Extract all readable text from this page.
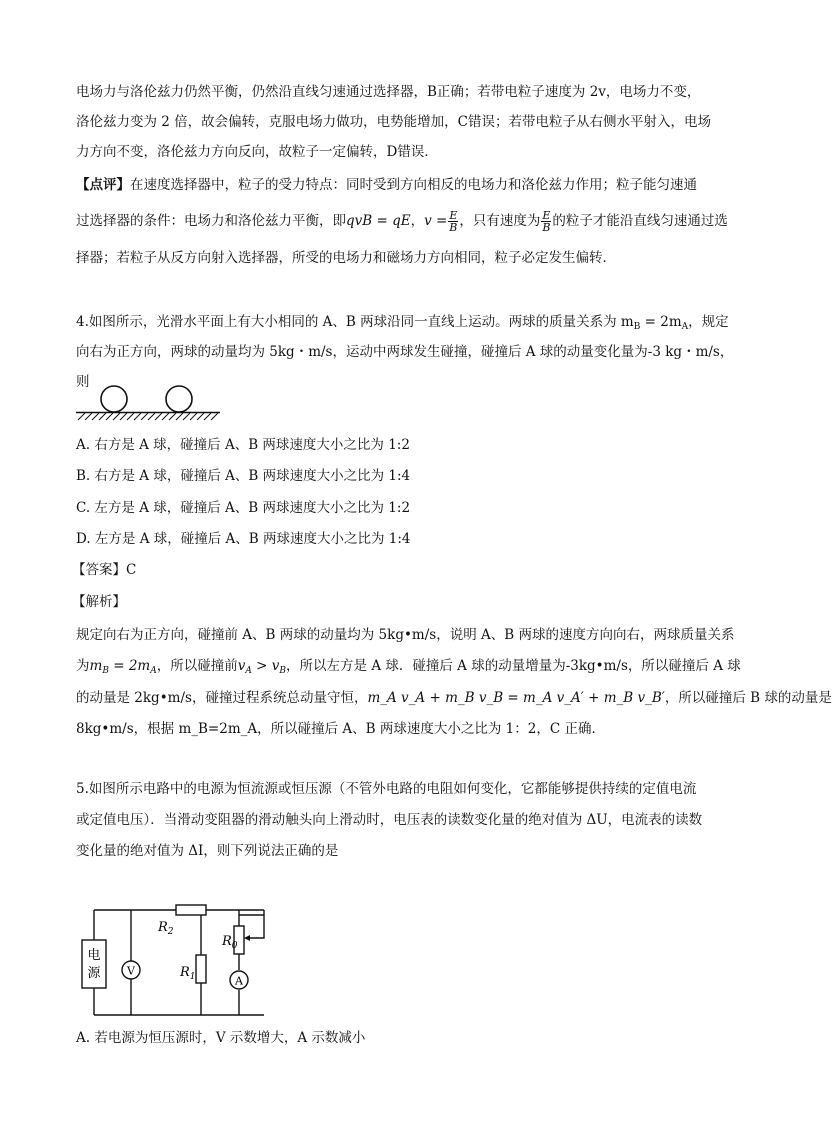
电场力与洛伦兹力仍然平衡，仍然沿直线匀速通过选择器，B正确；若带电粒子速度为 2v，电场力不变，
洛伦兹力变为 2 倍，故会偏转，克服电场力做功，电势能增加，C错误；若带电粒子从右侧水平射入，电场
力方向不变，洛伦兹力方向反向，故粒子一定偏转，D错误．
【点评】在速度选择器中，粒子的受力特点：同时受到方向相反的电场力和洛伦兹力作用；粒子能匀速通
过选择器的条件：电场力和洛伦兹力平衡，即qvB = qE，$v = \frac{E}{B}$ ，只有速度为 $\frac{E}{B}$ 的粒子才能沿直线匀速通过选
择器；若粒子从反方向射入选择器，所受的电场力和磁场力方向相同，粒子必定发生偏转．
4.如图所示，光滑水平面上有大小相同的 A、B 两球沿同一直线上运动。两球的质量关系为 $m_B = 2m_A$，规定
向右为正方向，两球的动量均为 5kg・m/s，运动中两球发生碰撞，碰撞后 A 球的动量变化量为-3 kg・m/s，
则
A. 右方是 A 球，碰撞后 A、B 两球速度大小之比为 1:2
B. 右方是 A 球，碰撞后 A、B 两球速度大小之比为 1:4
C. 左方是 A 球，碰撞后 A、B 两球速度大小之比为 1:2
D. 左方是 A 球，碰撞后 A、B 两球速度大小之比为 1:4
【答案】C
【解析】
规定向右为正方向，碰撞前 A、B 两球的动量均为 5kg•m/s，说明 A、B 两球的速度方向向右，两球质量关系
为$m_B = 2m_A$，所以碰撞前$v_A > v_B$，所以左方是 A 球．碰撞后 A 球的动量增量为-3kg•m/s，所以碰撞后 A 球
的动量是 2kg•m/s，碰撞过程系统总动量守恒，m_A v_A + m_B v_B = m_A v_A′ + m_B v_B′，所以碰撞后 B 球的动量是
8kg•m/s，根据 m_B=2m_A，所以碰撞后 A、B 两球速度大小之比为 1：2，C 正确．
5.如图所示电路中的电源为恒流源或恒压源（不管外电路的电阻如何变化，它都能够提供持续的定值电流
或定值电压）．当滑动变阻器的滑动触头向上滑动时，电压表的读数变化量的绝对值为 ΔU，电流表的读数
变化量的绝对值为 ΔI，则下列说法正确的是
电
源 V
$R_2$
$R_1$
$R_0$
A
A. 若电源为恒压源时，V 示数增大，A 示数减小
